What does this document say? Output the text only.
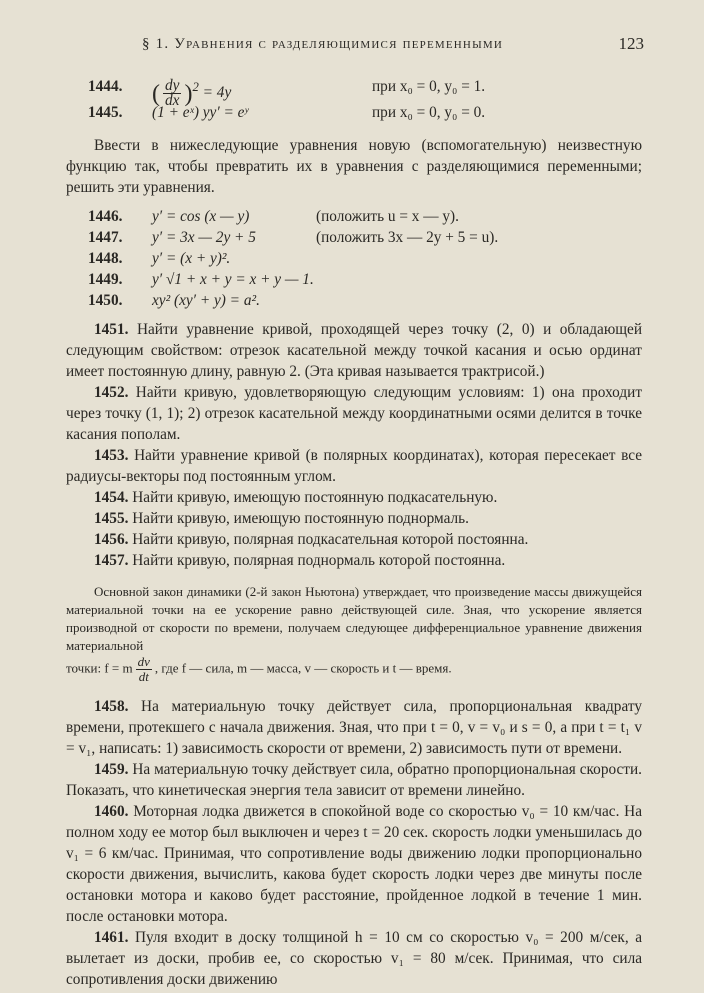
§ 1. Уравнения с разделяющимися переменными	123
1444. ( $\frac{dy}{dx} )^2 = 4y$	при x₀ = 0, y₀ = 1.
1445. (1 + eˣ) yy′ = eʸ	при x₀ = 0, y₀ = 0.

Ввести в нижеследующие уравнения новую (вспомогательную) неизвестную функцию так, чтобы превратить их в уравнения с разделяющимися переменными; решить эти уравнения.

1446. y′ = cos (x — y)	(положить u = x — y).
1447. y′ = 3x — 2y + 5	(положить 3x — 2y + 5 = u).
1448. y′ = (x + y)².
1449. y′ √1 + x + y = x + y — 1.
1450. xy² (xy′ + y) = a².

1451. Найти уравнение кривой, проходящей через точку (2, 0) и обладающей следующим свойством: отрезок касательной между точкой касания и осью ординат имеет постоянную длину, равную 2. (Эта кривая называется трактрисой.)

1452. Найти кривую, удовлетворяющую следующим условиям: 1) она проходит через точку (1, 1); 2) отрезок касательной между координатными осями делится в точке касания пополам.

1453. Найти уравнение кривой (в полярных координатах), которая пересекает все радиусы-векторы под постоянным углом.

1454. Найти кривую, имеющую постоянную подкасательную.

1455. Найти кривую, имеющую постоянную поднормаль.

1456. Найти кривую, полярная подкасательная которой постоянна.

1457. Найти кривую, полярная поднормаль которой постоянна.

Основной закон динамики (2-й закон Ньютона) утверждает, что произведение массы движущейся материальной точки на ее ускорение равно действующей силе. Зная, что ускорение является производной от скорости по времени, получаем следующее дифференциальное уравнение движения материальной

точки: f = m $\frac{dv}{dt}$ , где f — сила, m — масса, v — скорость и t — время.

1458. На материальную точку действует сила, пропорциональная квадрату времени, протекшего с начала движения. Зная, что при t = 0, v = v₀ и s = 0, а при t = t₁ v = v₁, написать: 1) зависимость скорости от времени, 2) зависимость пути от времени.

1459. На материальную точку действует сила, обратно пропорциональная скорости. Показать, что кинетическая энергия тела зависит от времени линейно.

1460. Моторная лодка движется в спокойной воде со скоростью v₀ = 10 км/час. На полном ходу ее мотор был выключен и через t = 20 сек. скорость лодки уменьшилась до v₁ = 6 км/час. Принимая, что сопротивление воды движению лодки пропорционально скорости движения, вычислить, какова будет скорость лодки через две минуты после остановки мотора и каково будет расстояние, пройденное лодкой в течение 1 мин. после остановки мотора.

1461. Пуля входит в доску толщиной h = 10 см со скоростью v₀ = 200 м/сек, а вылетает из доски, пробив ее, со скоростью v₁ = 80 м/сек. Принимая, что сила сопротивления доски движению
